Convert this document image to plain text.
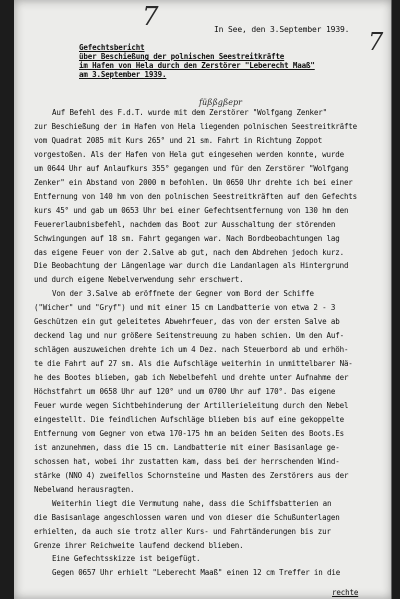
7
7
In See, den 3.September 1939.
Gefechtsbericht
über Beschießung der polnischen Seestreitkräfte
im Hafen von Hela durch den Zerstörer "Leberecht Maaß"
am 3.September 1939.
füßßgßepr
Auf Befehl des F.d.T. wurde mit dem Zerstörer "Wolfgang Zenker"
zur Beschießung der im Hafen von Hela liegenden polnischen Seestreitkräfte
vom Quadrat 2085 mit Kurs 265° und 21 sm. Fahrt in Richtung Zoppot
vorgestoßen. Als der Hafen von Hela gut eingesehen werden konnte, wurde
um 0644 Uhr auf Anlaufkurs 355° gegangen und für den Zerstörer "Wolfgang
Zenker" ein Abstand von 2000 m befohlen. Um 0650 Uhr drehte ich bei einer
Entfernung von 140 hm von den polnischen Seestreitkräften auf den Gefechts
kurs 45° und gab um 0653 Uhr bei einer Gefechtsentfernung von 130 hm den
Feuererlaubnisbefehl, nachdem das Boot zur Ausschaltung der störenden
Schwingungen auf 18 sm. Fahrt gegangen war. Nach Bordbeobachtungen lag
das eigene Feuer von der 2.Salve ab gut, nach dem Abdrehen jedoch kurz.
Die Beobachtung der Längenlage war durch die Landanlagen als Hintergrund
und durch eigene Nebelverwendung sehr erschwert.
Von der 3.Salve ab eröffnete der Gegner vom Bord der Schiffe
("Wicher" und "Gryf") und mit einer 15 cm Landbatterie von etwa 2 - 3
Geschützen ein gut geleitetes Abwehrfeuer, das von der ersten Salve ab
deckend lag und nur größere Seitenstreuung zu haben schien. Um den Auf-
schlägen auszuweichen drehte ich um 4 Dez. nach Steuerbord ab und erhöh-
te die Fahrt auf 27 sm. Als die Aufschläge weiterhin in unmittelbarer Nä-
he des Bootes blieben, gab ich Nebelbefehl und drehte unter Aufnahme der
Höchstfahrt um 0658 Uhr auf 120° und um 0700 Uhr auf 170°. Das eigene
Feuer wurde wegen Sichtbehinderung der Artillerieleitung durch den Nebel
eingestellt. Die feindlichen Aufschläge blieben bis auf eine gekoppelte
Entfernung vom Gegner von etwa 170-175 hm an beiden Seiten des Boots.Es
ist anzunehmen, dass die 15 cm. Landbatterie mit einer Basisanlage ge-
schossen hat, wobei ihr zustatten kam, dass bei der herrschenden Wind-
stärke (NNO 4) zweifellos Schornsteine und Masten des Zerstörers aus der
Nebelwand herausragten.
Weiterhin liegt die Vermutung nahe, dass die Schiffsbatterien an
die Basisanlage angeschlossen waren und von dieser die Schußunterlagen
erhielten, da auch sie trotz aller Kurs- und Fahrtänderungen bis zur
Grenze ihrer Reichweite laufend deckend blieben.
Eine Gefechtsskizze ist beigefügt.
Gegen 0657 Uhr erhielt "Leberecht Maaß" einen 12 cm Treffer in die
rechte
